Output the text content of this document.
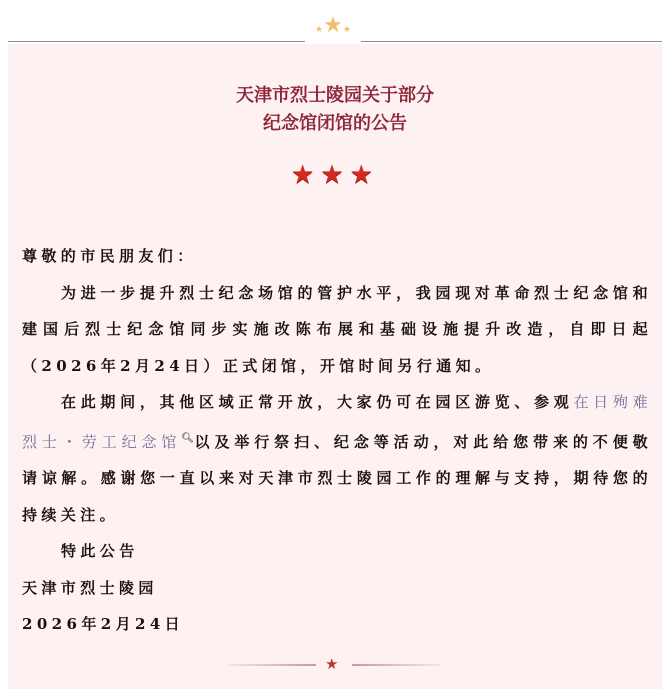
★★★
天津市烈士陵园关于部分
纪念馆闭馆的公告
★★★

尊敬的市民朋友们：

为进一步提升烈士纪念场馆的管护水平，我园现对革命烈士纪念馆和建国后烈士纪念馆同步实施改陈布展和基础设施提升改造，自即日起（2026年2月24日）正式闭馆，开馆时间另行通知。

在此期间，其他区域正常开放，大家仍可在园区游览、参观在日殉难烈士・劳工纪念馆🔍︎以及举行祭扫、纪念等活动，对此给您带来的不便敬请谅解。感谢您一直以来对天津市烈士陵园工作的理解与支持，期待您的持续关注。

特此公告

天津市烈士陵园

2026年2月24日

★
